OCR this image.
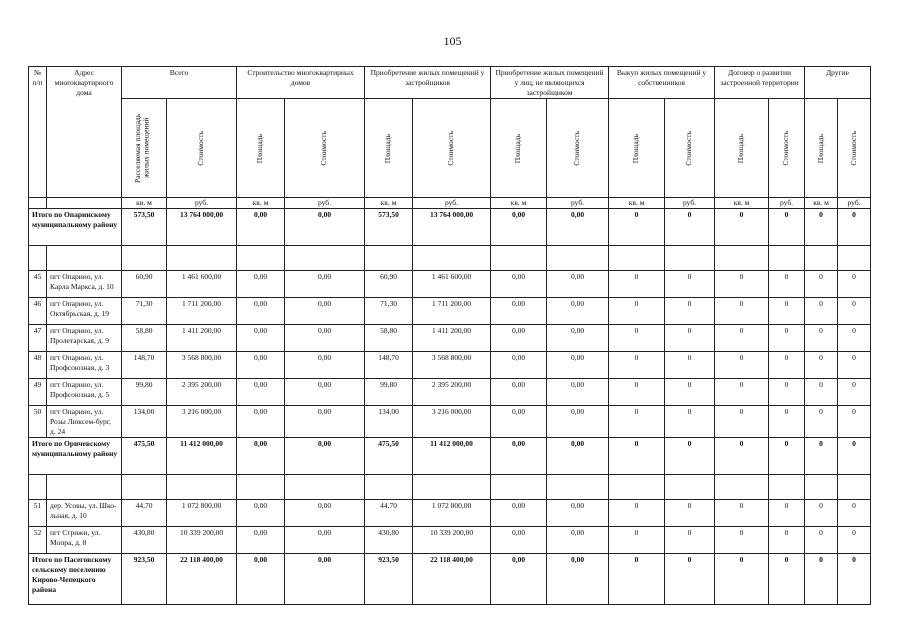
105
№ п/п	Адрес многоквартирного дома	Всего		Строительство многоквартирных домов		Приобретение жилых помещений у застройщиков		Приобретение жилых помещений у лиц, не являющихся застройщиком		Выкуп жилых помещений у собственников		Договор о развитии застроенной территории		Другие	

		Расселяемая площадь жилых помещений	Стоимость	Площадь	Стоимость	Площадь	Стоимость	Площадь	Стоимость	Площадь	Стоимость	Площадь	Стоимость	Площадь	Стоимость

		кв. м	руб.	кв. м	руб.	кв. м	руб.	кв. м	руб.	кв. м	руб.	кв. м	руб.	кв. м	руб.
Итого по Опаринскому муниципальному району		573,50	13 764 000,00	0,00	0,00	573,50	13 764 000,00	0,00	0,00	0	0	0	0	0	0

45	пгт Опарино, ул. Карла Маркса, д. 10	60,90	1 461 600,00	0,00	0,00	60,90	1 461 600,00	0,00	0,00	0	0	0	0	0	0
46	пгт Опарино, ул. Октябрьская, д. 19	71,30	1 711 200,00	0,00	0,00	71,30	1 711 200,00	0,00	0,00	0	0	0	0	0	0
47	пгт Опарино, ул. Пролетарская, д. 9	58,80	1 411 200,00	0,00	0,00	58,80	1 411 200,00	0,00	0,00	0	0	0	0	0	0
48	пгт Опарино, ул. Профсоюзная, д. 3	148,70	3 568 800,00	0,00	0,00	148,70	3 568 800,00	0,00	0,00	0	0	0	0	0	0
49	пгт Опарино, ул. Профсоюзная, д. 5	99,80	2 395 200,00	0,00	0,00	99,80	2 395 200,00	0,00	0,00	0	0	0	0	0	0
50	пгт Опарино, ул. Розы Люксем-бург, д. 24	134,00	3 216 000,00	0,00	0,00	134,00	3 216 000,00	0,00	0,00	0	0	0	0	0	0
Итого по Оричевскому муниципальному району		475,50	11 412 000,00	0,00	0,00	475,50	11 412 000,00	0,00	0,00	0	0	0	0	0	0

51	дер. Усовы, ул. Шко-льная, д. 10	44,70	1 072 800,00	0,00	0,00	44,70	1 072 800,00	0,00	0,00	0	0	0	0	0	0
52	пгт Стрижи, ул. Мопра, д. 8	430,80	10 339 200,00	0,00	0,00	430,80	10 339 200,00	0,00	0,00	0	0	0	0	0	0
Итого по Пасеговскому сельскому поселению Кирово-Чепецкого района		923,50	22 118 400,00	0,00	0,00	923,50	22 118 400,00	0,00	0,00	0	0	0	0	0	0
